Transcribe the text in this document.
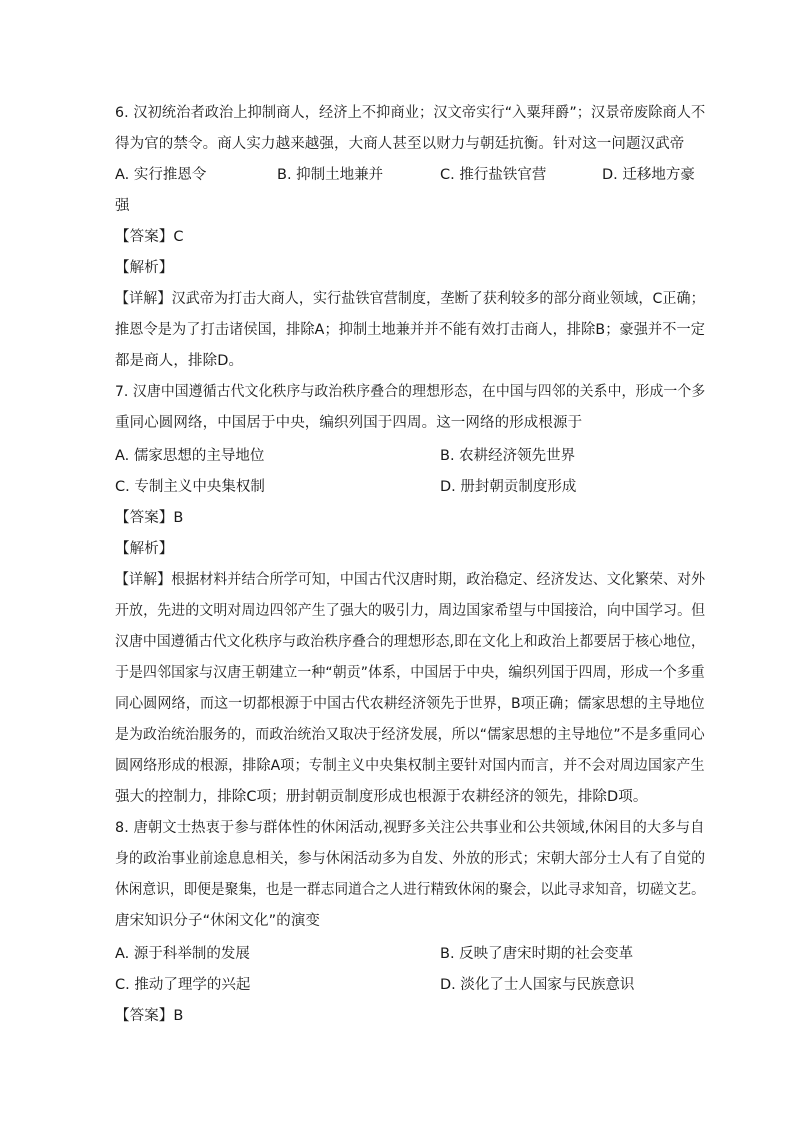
6. 汉初统治者政治上抑制商人，经济上不抑商业；汉文帝实行“入粟拜爵”；汉景帝废除商人不
得为官的禁令。商人实力越来越强，大商人甚至以财力与朝廷抗衡。针对这一问题汉武帝
A. 实行推恩令	B. 抑制土地兼并	C. 推行盐铁官营	D. 迁移地方豪
强
【答案】C
【解析】
【详解】汉武帝为打击大商人，实行盐铁官营制度，垄断了获利较多的部分商业领域，C正确；
推恩令是为了打击诸侯国，排除A；抑制土地兼并并不能有效打击商人，排除B；豪强并不一定
都是商人，排除D。
7. 汉唐中国遵循古代文化秩序与政治秩序叠合的理想形态，在中国与四邻的关系中，形成一个多
重同心圆网络，中国居于中央，编织列国于四周。这一网络的形成根源于
A. 儒家思想的主导地位	B. 农耕经济领先世界
C. 专制主义中央集权制	D. 册封朝贡制度形成
【答案】B
【解析】
【详解】根据材料并结合所学可知，中国古代汉唐时期，政治稳定、经济发达、文化繁荣、对外
开放，先进的文明对周边四邻产生了强大的吸引力，周边国家希望与中国接洽，向中国学习。但
汉唐中国遵循古代文化秩序与政治秩序叠合的理想形态,即在文化上和政治上都要居于核心地位，
于是四邻国家与汉唐王朝建立一种“朝贡”体系，中国居于中央，编织列国于四周，形成一个多重
同心圆网络，而这一切都根源于中国古代农耕经济领先于世界，B项正确；儒家思想的主导地位
是为政治统治服务的，而政治统治又取决于经济发展，所以“儒家思想的主导地位”不是多重同心
圆网络形成的根源，排除A项；专制主义中央集权制主要针对国内而言，并不会对周边国家产生
强大的控制力，排除C项；册封朝贡制度形成也根源于农耕经济的领先，排除D项。
8. 唐朝文士热衷于参与群体性的休闲活动,视野多关注公共事业和公共领域,休闲目的大多与自
身的政治事业前途息息相关，参与休闲活动多为自发、外放的形式；宋朝大部分士人有了自觉的
休闲意识，即便是聚集，也是一群志同道合之人进行精致休闲的聚会，以此寻求知音，切磋文艺。
唐宋知识分子“休闲文化”的演变
A. 源于科举制的发展	B. 反映了唐宋时期的社会变革
C. 推动了理学的兴起	D. 淡化了士人国家与民族意识
【答案】B
